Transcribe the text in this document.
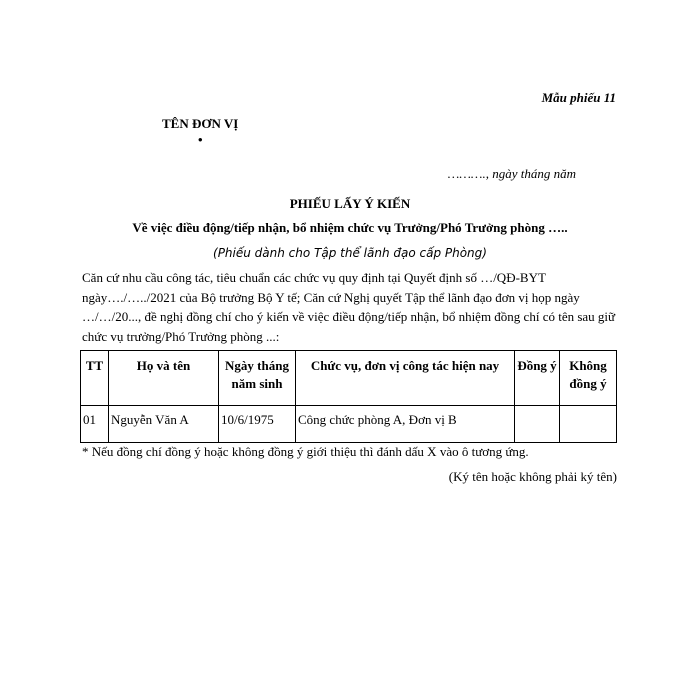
Mẫu phiếu 11
TÊN ĐƠN VỊ
•
………., ngày tháng năm
PHIẾU LẤY Ý KIẾN
Về việc điều động/tiếp nhận, bổ nhiệm chức vụ Trưởng/Phó Trưởng phòng …..
(Phiếu dành cho Tập thể lãnh đạo cấp Phòng)
Căn cứ nhu cầu công tác, tiêu chuẩn các chức vụ quy định tại Quyết định số …/QĐ-BYT ngày…./…../2021 của Bộ trưởng Bộ Y tế; Căn cứ Nghị quyết Tập thể lãnh đạo đơn vị họp ngày …/…/20..., đề nghị đồng chí cho ý kiến về việc điều động/tiếp nhận, bổ nhiệm đồng chí có tên sau giữ chức vụ trưởng/Phó Trưởng phòng ...:
TT	Họ và tên	Ngày tháng năm sinh	Chức vụ, đơn vị công tác hiện nay	Đồng ý	Không đồng ý
01	Nguyễn Văn A	10/6/1975	Công chức phòng A, Đơn vị B		
* Nếu đồng chí đồng ý hoặc không đồng ý giới thiệu thì đánh dấu X vào ô tương ứng.
(Ký tên hoặc không phải ký tên)
